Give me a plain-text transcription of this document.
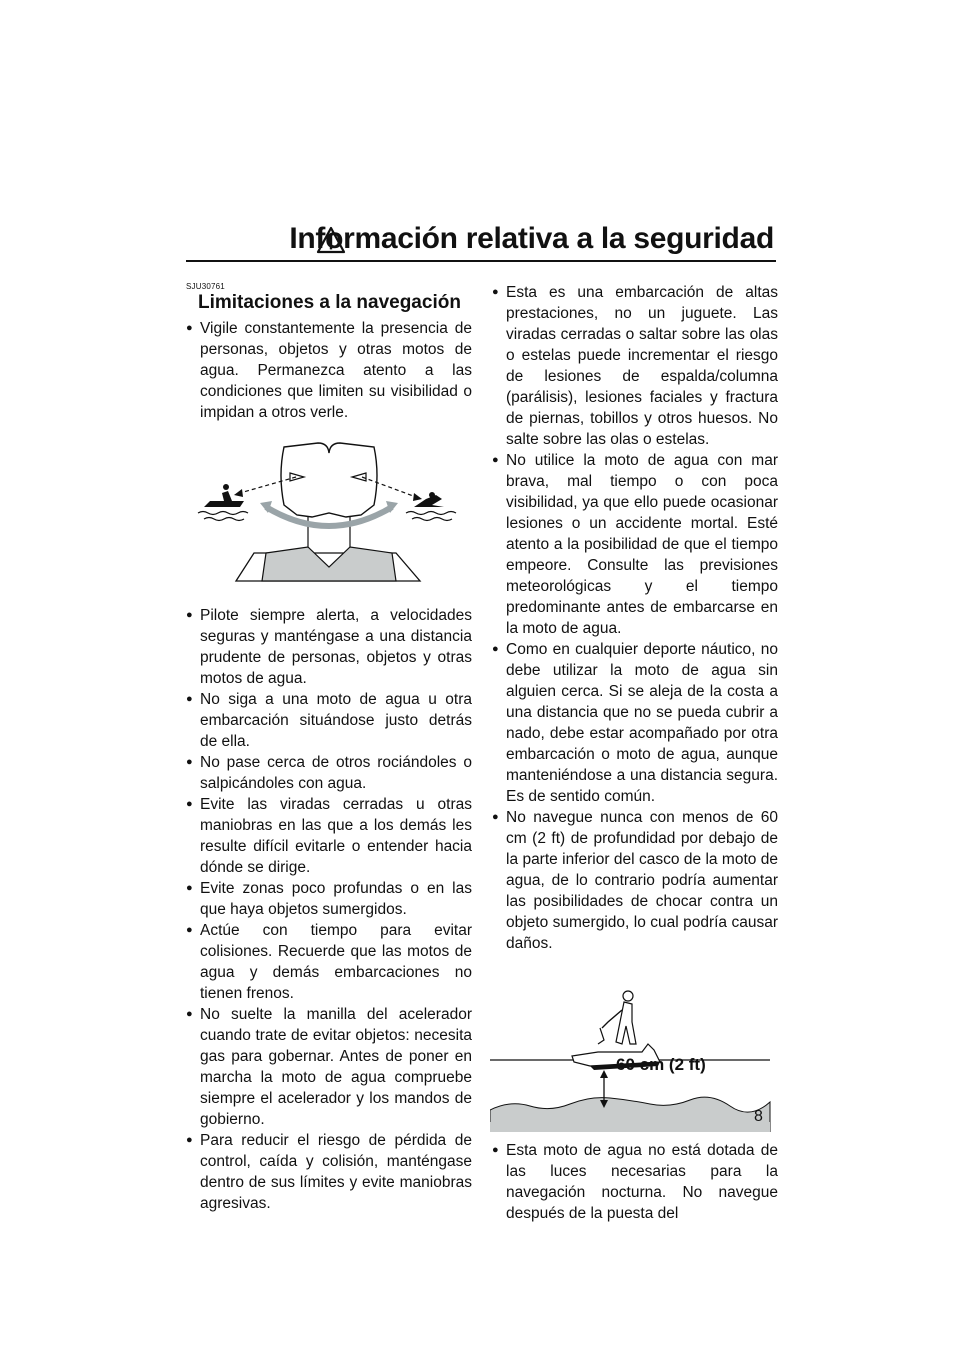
Información relativa a la seguridad
SJU30761
Limitaciones a la navegación
● Vigile constantemente la presencia de personas, objetos y otras motos de agua. Permanezca atento a las condiciones que limiten su visibilidad o impidan a otros verle.
● Pilote siempre alerta, a velocidades seguras y manténgase a una distancia prudente de personas, objetos y otras motos de agua.
● No siga a una moto de agua u otra embarcación situándose justo detrás de ella.
● No pase cerca de otros rociándoles o salpicándoles con agua.
● Evite las viradas cerradas u otras maniobras en las que a los demás les resulte difícil evitarle o entender hacia dónde se dirige.
● Evite zonas poco profundas o en las que haya objetos sumergidos.
● Actúe con tiempo para evitar colisiones. Recuerde que las motos de agua y demás embarcaciones no tienen frenos.
● No suelte la manilla del acelerador cuando trate de evitar objetos: necesita gas para gobernar. Antes de poner en marcha la moto de agua compruebe siempre el acelerador y los mandos de gobierno.
● Para reducir el riesgo de pérdida de control, caída y colisión, manténgase dentro de sus límites y evite maniobras agresivas.
● Esta es una embarcación de altas prestaciones, no un juguete. Las viradas cerradas o saltar sobre las olas o estelas puede incrementar el riesgo de lesiones de espalda/columna (parálisis), lesiones faciales y fractura de piernas, tobillos y otros huesos. No salte sobre las olas o estelas.
● No utilice la moto de agua con mar brava, mal tiempo o con poca visibilidad, ya que ello puede ocasionar lesiones o un accidente mortal. Esté atento a la posibilidad de que el tiempo empeore. Consulte las previsiones meteorológicas y el tiempo predominante antes de embarcarse en la moto de agua.
● Como en cualquier deporte náutico, no debe utilizar la moto de agua sin alguien cerca. Si se aleja de la costa a una distancia que no se pueda cubrir a nado, debe estar acompañado por otra embarcación o moto de agua, aunque manteniéndose a una distancia segura. Es de sentido común.
● No navegue nunca con menos de 60 cm (2 ft) de profundidad por debajo de la parte inferior del casco de la moto de agua, de lo contrario podría aumentar las posibilidades de chocar contra un objeto sumergido, lo cual podría causar daños.
60 cm (2 ft)
● Esta moto de agua no está dotada de las luces necesarias para la navegación nocturna. No navegue después de la puesta del
8
